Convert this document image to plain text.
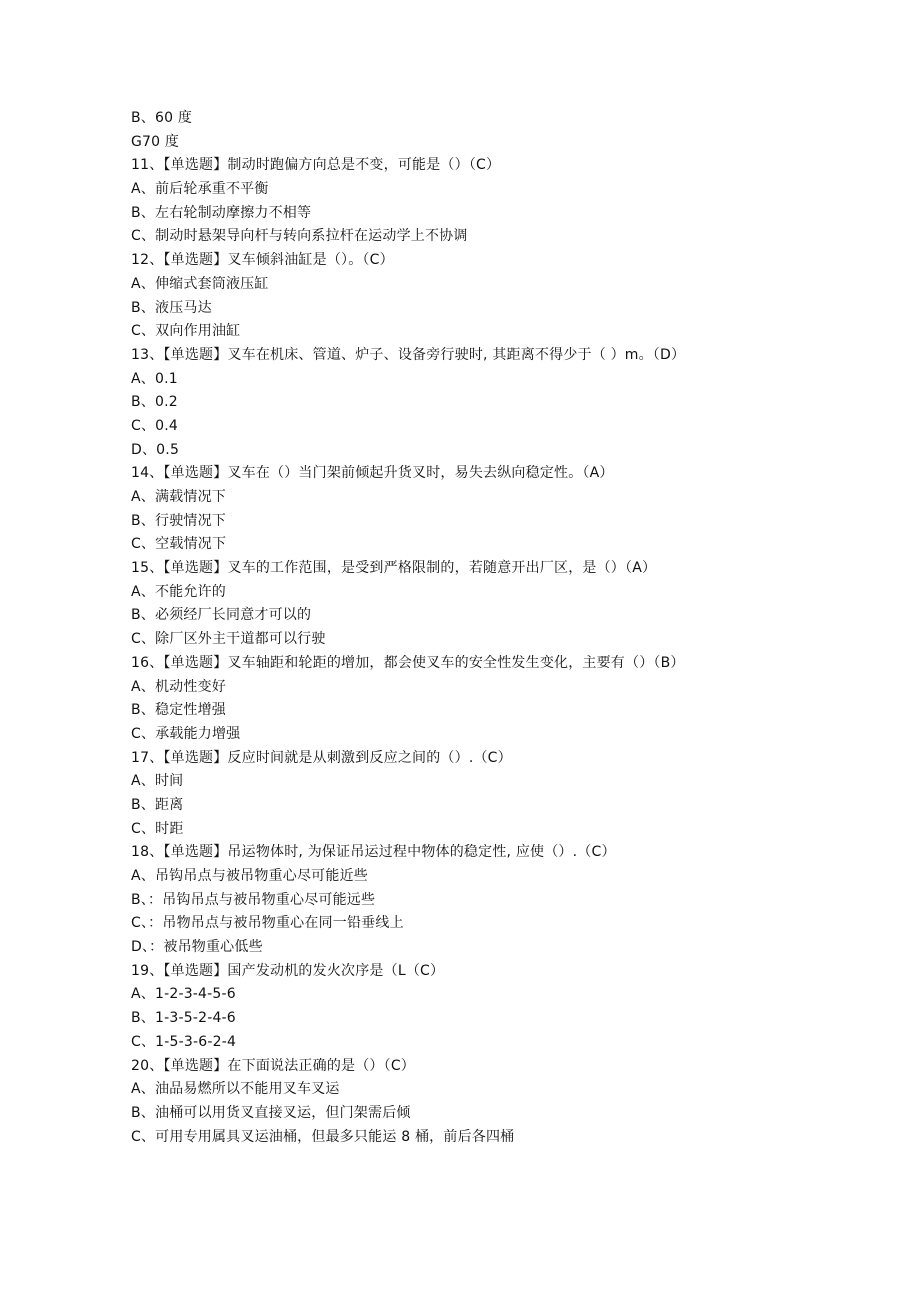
B、60 度
G70 度
11、【单选题】制动时跑偏方向总是不变，可能是（）（C）
A、前后轮承重不平衡
B、左右轮制动摩擦力不相等
C、制动时悬架导向杆与转向系拉杆在运动学上不协调
12、【单选题】叉车倾斜油缸是（）。（C）
A、伸缩式套筒液压缸
B、液压马达
C、双向作用油缸
13、【单选题】叉车在机床、管道、炉子、设备旁行驶时, 其距离不得少于（ ）m。（D）
A、0.1
B、0.2
C、0.4
D、0.5
14、【单选题】叉车在（）当门架前倾起升货叉时，易失去纵向稳定性。（A）
A、满载情况下
B、行驶情况下
C、空载情况下
15、【单选题】叉车的工作范围，是受到严格限制的，若随意开出厂区，是（）（A）
A、不能允许的
B、必须经厂长同意才可以的
C、除厂区外主干道都可以行驶
16、【单选题】叉车轴距和轮距的增加，都会使叉车的安全性发生变化，主要有（）（B）
A、机动性变好
B、稳定性增强
C、承载能力增强
17、【单选题】反应时间就是从刺激到反应之间的（）.（C）
A、时间
B、距离
C、时距
18、【单选题】吊运物体时, 为保证吊运过程中物体的稳定性, 应使（）.（C）
A、吊钩吊点与被吊物重心尽可能近些
B、：吊钩吊点与被吊物重心尽可能远些
C、：吊物吊点与被吊物重心在同一铅垂线上
D、：被吊物重心低些
19、【单选题】国产发动机的发火次序是（L（C）
A、1-2-3-4-5-6
B、1-3-5-2-4-6
C、1-5-3-6-2-4
20、【单选题】在下面说法正确的是（）（C）
A、油品易燃所以不能用叉车叉运
B、油桶可以用货叉直接叉运，但门架需后倾
C、可用专用属具叉运油桶，但最多只能运 8 桶，前后各四桶
